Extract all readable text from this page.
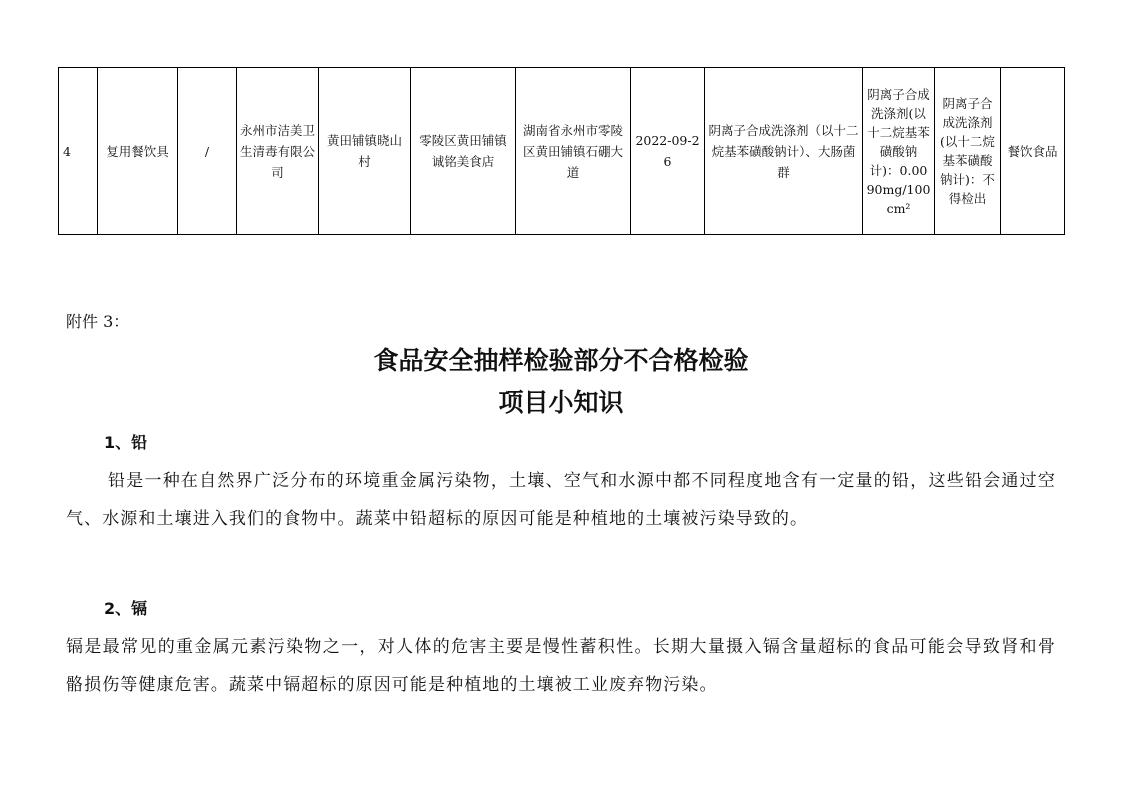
4	复用餐饮具	/	永州市洁美卫生清毒有限公司	黄田铺镇晓山村	零陵区黄田铺镇诚铭美食店	湖南省永州市零陵区黄田铺镇石硼大道	2022-09-26	阴离子合成洗涤剂（以十二烷基苯磺酸钠计）、大肠菌群	阴离子合成洗涤剂(以十二烷基苯磺酸钠计)：0.0090mg/100cm²	阴离子合成洗涤剂(以十二烷基苯磺酸钠计)：不得检出	餐饮食品
附件 3：
食品安全抽样检验部分不合格检验
项目小知识
1、铅
铅是一种在自然界广泛分布的环境重金属污染物，土壤、空气和水源中都不同程度地含有一定量的铅，这些铅会通过空气、水源和土壤进入我们的食物中。蔬菜中铅超标的原因可能是种植地的土壤被污染导致的。
2、镉
镉是最常见的重金属元素污染物之一，对人体的危害主要是慢性蓄积性。长期大量摄入镉含量超标的食品可能会导致肾和骨骼损伤等健康危害。蔬菜中镉超标的原因可能是种植地的土壤被工业废弃物污染。
